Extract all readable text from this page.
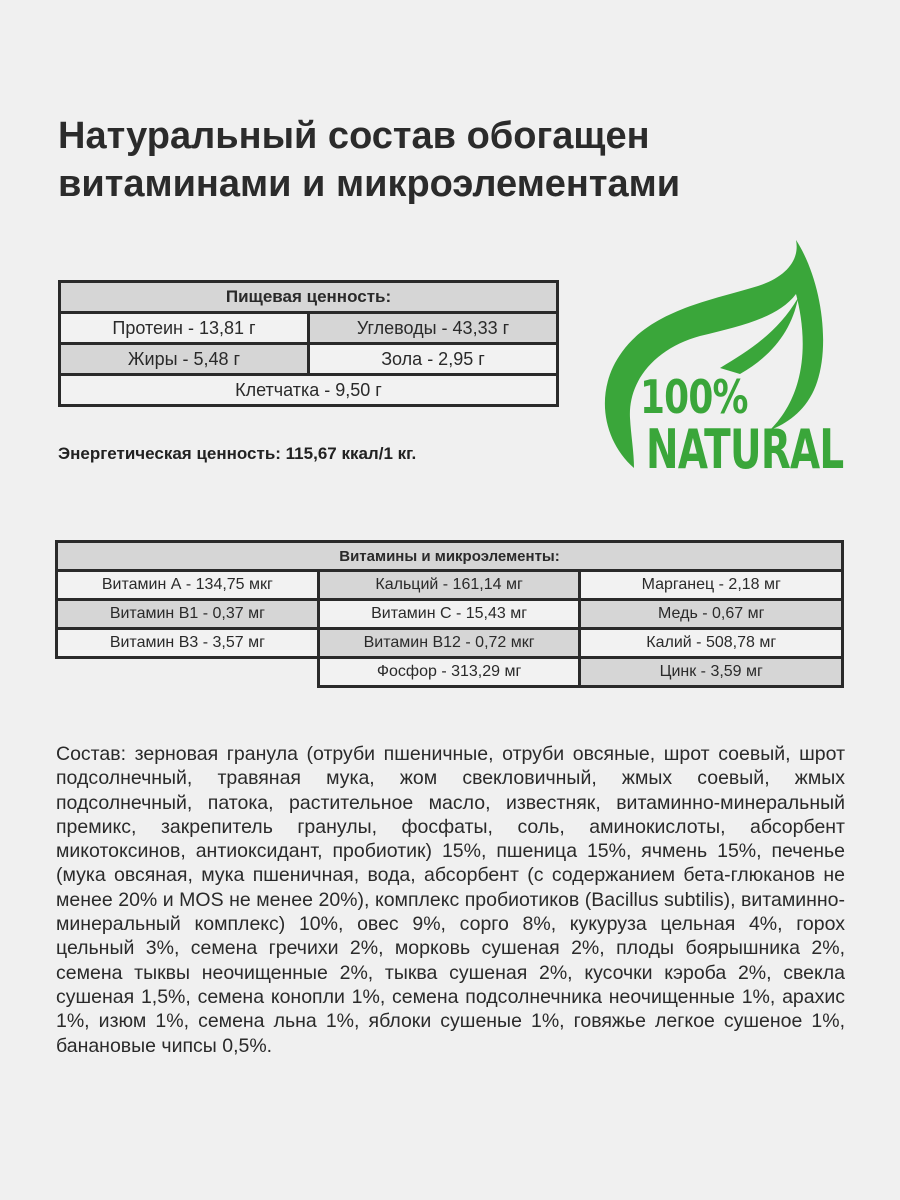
Натуральный состав обогащен
витаминами и микроэлементами
Пищевая ценность:	
Протеин - 13,81 г	Углеводы - 43,33 г
Жиры - 5,48 г	Зола - 2,95 г
Клетчатка - 9,50 г	
Энергетическая ценность: 115,67 ккал/1 кг.
100%
NATURAL
Витамины и микроэлементы:		
Витамин А - 134,75 мкг	Кальций - 161,14 мг	Марганец - 2,18 мг
Витамин В1 - 0,37 мг	Витамин С - 15,43 мг	Медь - 0,67 мг
Витамин В3 - 3,57 мг	Витамин В12 - 0,72 мкг	Калий - 508,78 мг
	Фосфор - 313,29 мг	Цинк - 3,59 мг

Состав: зерновая гранула (отруби пшеничные, отруби овсяные, шрот соевый, шрот подсолнечный, травяная мука, жом свекловичный, жмых соевый, жмых подсолнечный, патока, растительное масло, известняк, витаминно-минеральный премикс, закрепитель гранулы, фосфаты, соль, аминокислоты, абсорбент микотоксинов, антиоксидант, пробиотик) 15%, пшеница 15%, ячмень 15%, печенье (мука овсяная, мука пшеничная, вода, абсорбент (с содержанием бета-глюканов не менее 20% и MOS не менее 20%), комплекс пробиотиков (Bacillus subtilis), витаминно-минеральный комплекс) 10%, овес 9%, сорго 8%, кукуруза цельная 4%, горох цельный 3%, семена гречихи 2%, морковь сушеная 2%, плоды боярышника 2%, семена тыквы неочищенные 2%, тыква сушеная 2%, кусочки кэроба 2%, свекла сушеная 1,5%, семена конопли 1%, семена подсолнечника неочищенные 1%, арахис 1%, изюм 1%, семена льна 1%, яблоки сушеные 1%, говяжье легкое сушеное 1%, банановые чипсы 0,5%.
